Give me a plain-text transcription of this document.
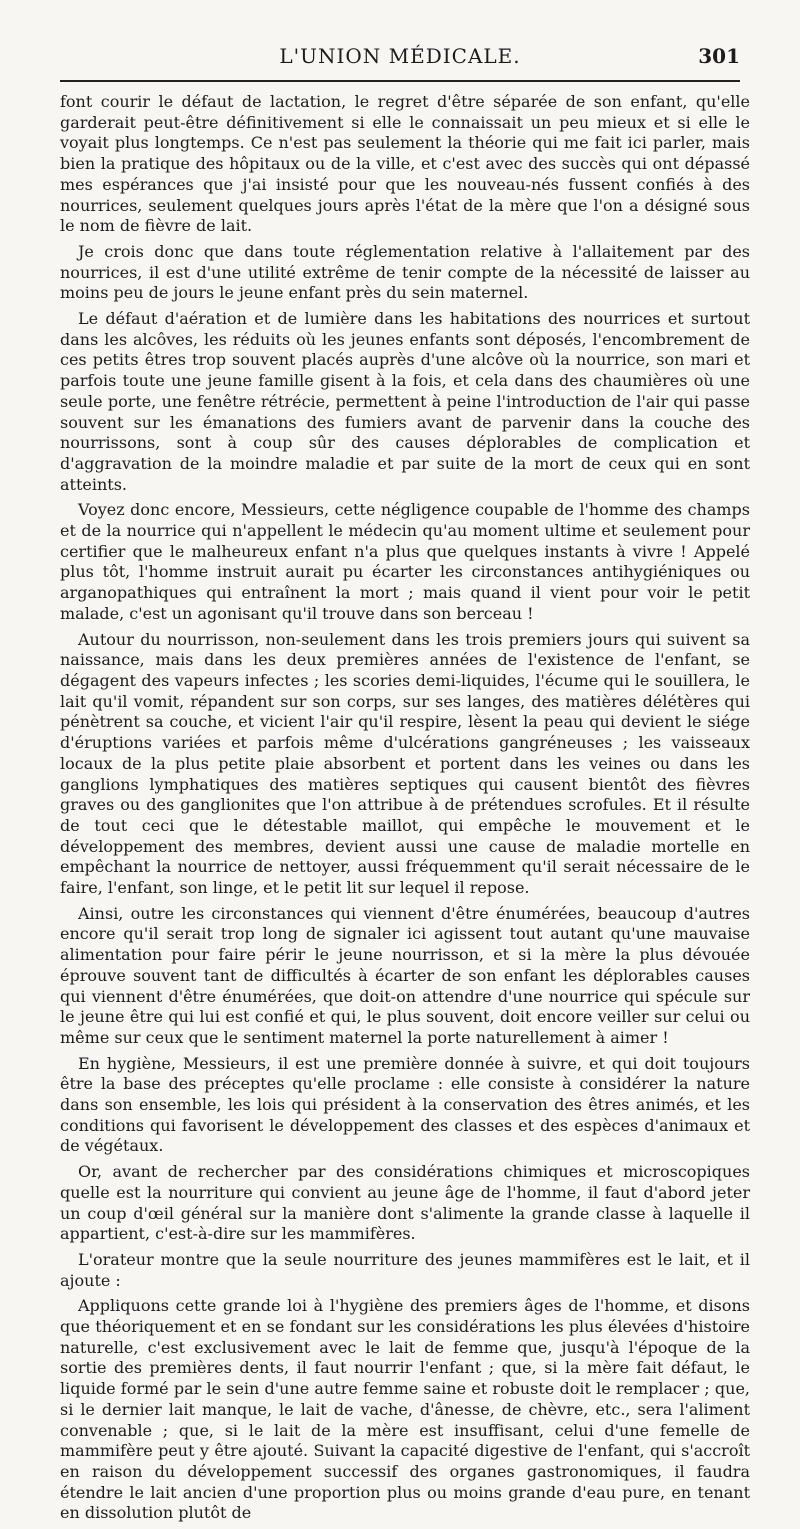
L'UNION MÉDICALE.	301

font courir le défaut de lactation, le regret d'être séparée de son enfant, qu'elle garderait peut-être définitivement si elle le connaissait un peu mieux et si elle le voyait plus longtemps. Ce n'est pas seulement la théorie qui me fait ici parler, mais bien la pratique des hôpitaux ou de la ville, et c'est avec des succès qui ont dépassé mes espérances que j'ai insisté pour que les nouveau-nés fussent confiés à des nourrices, seulement quelques jours après l'état de la mère que l'on a désigné sous le nom de fièvre de lait.

Je crois donc que dans toute réglementation relative à l'allaitement par des nourrices, il est d'une utilité extrême de tenir compte de la nécessité de laisser au moins peu de jours le jeune enfant près du sein maternel.

Le défaut d'aération et de lumière dans les habitations des nourrices et surtout dans les alcôves, les réduits où les jeunes enfants sont déposés, l'encombrement de ces petits êtres trop souvent placés auprès d'une alcôve où la nourrice, son mari et parfois toute une jeune famille gisent à la fois, et cela dans des chaumières où une seule porte, une fenêtre rétrécie, permettent à peine l'introduction de l'air qui passe souvent sur les émanations des fumiers avant de parvenir dans la couche des nourrissons, sont à coup sûr des causes déplorables de complication et d'aggravation de la moindre maladie et par suite de la mort de ceux qui en sont atteints.

Voyez donc encore, Messieurs, cette négligence coupable de l'homme des champs et de la nourrice qui n'appellent le médecin qu'au moment ultime et seulement pour certifier que le malheureux enfant n'a plus que quelques instants à vivre ! Appelé plus tôt, l'homme instruit aurait pu écarter les circonstances antihygiéniques ou arganopathiques qui entraînent la mort ; mais quand il vient pour voir le petit malade, c'est un agonisant qu'il trouve dans son berceau !

Autour du nourrisson, non-seulement dans les trois premiers jours qui suivent sa naissance, mais dans les deux premières années de l'existence de l'enfant, se dégagent des vapeurs infectes ; les scories demi-liquides, l'écume qui le souillera, le lait qu'il vomit, répandent sur son corps, sur ses langes, des matières délétères qui pénètrent sa couche, et vicient l'air qu'il respire, lèsent la peau qui devient le siége d'éruptions variées et parfois même d'ulcérations gangréneuses ; les vaisseaux locaux de la plus petite plaie absorbent et portent dans les veines ou dans les ganglions lymphatiques des matières septiques qui causent bientôt des fièvres graves ou des ganglionites que l'on attribue à de prétendues scrofules. Et il résulte de tout ceci que le détestable maillot, qui empêche le mouvement et le développement des membres, devient aussi une cause de maladie mortelle en empêchant la nourrice de nettoyer, aussi fréquemment qu'il serait nécessaire de le faire, l'enfant, son linge, et le petit lit sur lequel il repose.

Ainsi, outre les circonstances qui viennent d'être énumérées, beaucoup d'autres encore qu'il serait trop long de signaler ici agissent tout autant qu'une mauvaise alimentation pour faire périr le jeune nourrisson, et si la mère la plus dévouée éprouve souvent tant de difficultés à écarter de son enfant les déplorables causes qui viennent d'être énumérées, que doit-on attendre d'une nourrice qui spécule sur le jeune être qui lui est confié et qui, le plus souvent, doit encore veiller sur celui ou même sur ceux que le sentiment maternel la porte naturellement à aimer !

En hygiène, Messieurs, il est une première donnée à suivre, et qui doit toujours être la base des préceptes qu'elle proclame : elle consiste à considérer la nature dans son ensemble, les lois qui président à la conservation des êtres animés, et les conditions qui favorisent le développement des classes et des espèces d'animaux et de végétaux.

Or, avant de rechercher par des considérations chimiques et microscopiques quelle est la nourriture qui convient au jeune âge de l'homme, il faut d'abord jeter un coup d'œil général sur la manière dont s'alimente la grande classe à laquelle il appartient, c'est-à-dire sur les mammifères.

L'orateur montre que la seule nourriture des jeunes mammifères est le lait, et il ajoute :

Appliquons cette grande loi à l'hygiène des premiers âges de l'homme, et disons que théoriquement et en se fondant sur les considérations les plus élevées d'histoire naturelle, c'est exclusivement avec le lait de femme que, jusqu'à l'époque de la sortie des premières dents, il faut nourrir l'enfant ; que, si la mère fait défaut, le liquide formé par le sein d'une autre femme saine et robuste doit le remplacer ; que, si le dernier lait manque, le lait de vache, d'ânesse, de chèvre, etc., sera l'aliment convenable ; que, si le lait de la mère est insuffisant, celui d'une femelle de mammifère peut y être ajouté. Suivant la capacité digestive de l'enfant, qui s'accroît en raison du développement successif des organes gastronomiques, il faudra étendre le lait ancien d'une proportion plus ou moins grande d'eau pure, en tenant en dissolution plutôt de
